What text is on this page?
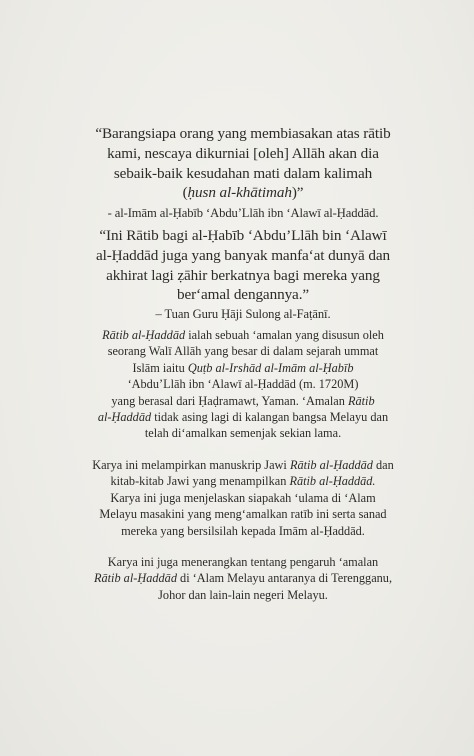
“Barangsiapa orang yang membiasakan atas rātib
kami, nescaya dikurniai [oleh] Allāh akan dia
sebaik-baik kesudahan mati dalam kalimah
(ḥusn al-khātimah)”
- al-Imām al-Ḥabīb ‘Abdu’Llāh ibn ‘Alawī al-Ḥaddād.
“Ini Rātib bagi al-Ḥabīb ‘Abdu’Llāh bin ‘Alawī
al-Ḥaddād juga yang banyak manfa‘at dunyā dan
akhirat lagi ẓāhir berkatnya bagi mereka yang
ber‘amal dengannya.”
– Tuan Guru Ḥāji Sulong al-Faṭānī.
Rātib al-Ḥaddād ialah sebuah ‘amalan yang disusun oleh
seorang Walī Allāh yang besar di dalam sejarah ummat
Islām iaitu Quṭb al-Irshād al-Imām al-Ḥabīb
‘Abdu’Llāh ibn ‘Alawī al-Ḥaddād (m. 1720M)
yang berasal dari Ḥaḍramawt, Yaman. ‘Amalan Rātib
al-Ḥaddād tidak asing lagi di kalangan bangsa Melayu dan
telah di‘amalkan semenjak sekian lama.
Karya ini melampirkan manuskrip Jawi Rātib al-Ḥaddād dan
kitab-kitab Jawi yang menampilkan Rātib al-Ḥaddād.
Karya ini juga menjelaskan siapakah ‘ulama di ‘Alam
Melayu masakini yang meng‘amalkan ratīb ini serta sanad
mereka yang bersilsilah kepada Imām al-Ḥaddād.
Karya ini juga menerangkan tentang pengaruh ‘amalan
Rātib al-Ḥaddād di ‘Alam Melayu antaranya di Terengganu,
Johor dan lain-lain negeri Melayu.
